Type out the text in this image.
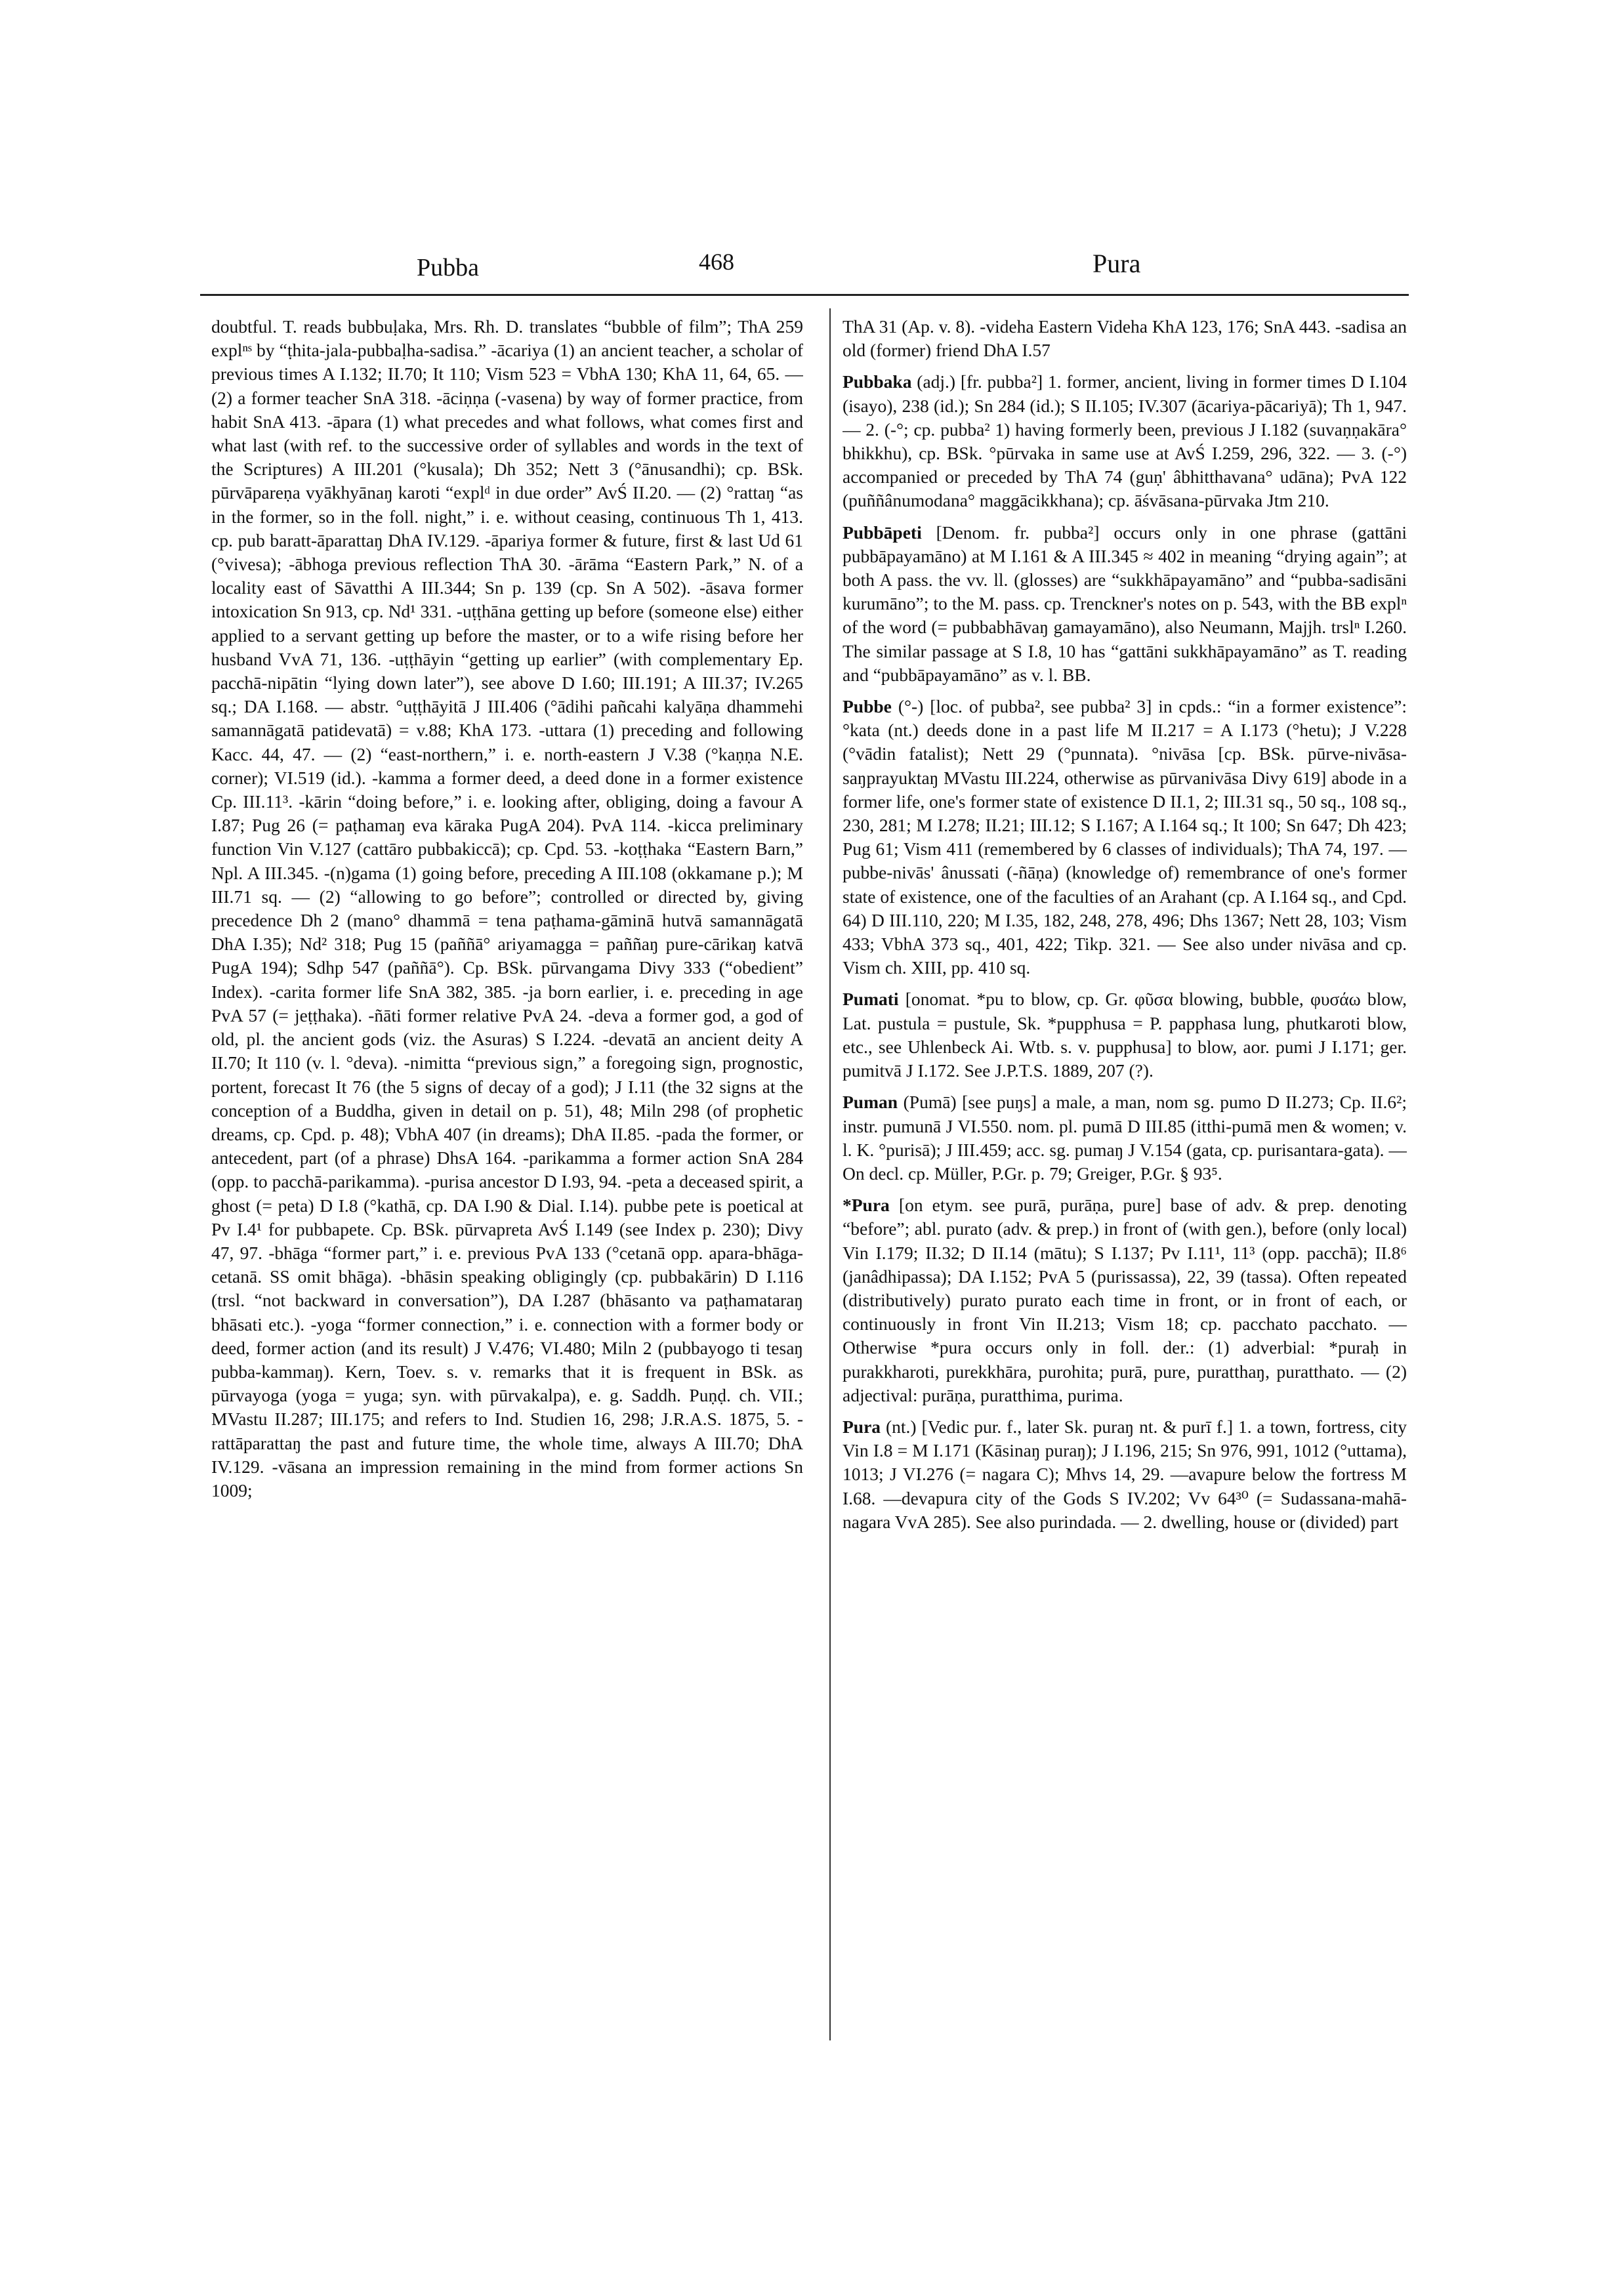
Pubba	468	Pura
doubtful. T. reads bubbuḷaka, Mrs. Rh. D. translates “bubble of film”; ThA 259 explⁿˢ by “ṭhita-jala-pubbaḷha-sadisa.” -ācariya (1) an ancient teacher, a scholar of previous times A I.132; II.70; It 110; Vism 523 = VbhA 130; KhA 11, 64, 65. — (2) a former teacher SnA 318. -āciṇṇa (-vasena) by way of former practice, from habit SnA 413. -āpara (1) what precedes and what follows, what comes first and what last (with ref. to the successive order of syllables and words in the text of the Scriptures) A III.201 (°kusala); Dh 352; Nett 3 (°ānusandhi); cp. BSk. pūrvāpareṇa vyākhyānaŋ karoti “explᵈ in due order” AvŚ II.20. — (2) °rattaŋ “as in the former, so in the foll. night,” i. e. without ceasing, continuous Th 1, 413. cp. pub baratt-āparattaŋ DhA IV.129. -āpariya former & future, first & last Ud 61 (°vivesa); -ābhoga previous reflection ThA 30. -ārāma “Eastern Park,” N. of a locality east of Sāvatthi A III.344; Sn p. 139 (cp. Sn A 502). -āsava former intoxication Sn 913, cp. Nd¹ 331. -uṭṭhāna getting up before (someone else) either applied to a servant getting up before the master, or to a wife rising before her husband VvA 71, 136. -uṭṭhāyin “getting up earlier” (with complementary Ep. pacchā-nipātin “lying down later”), see above D I.60; III.191; A III.37; IV.265 sq.; DA I.168. — abstr. °uṭṭhāyitā J III.406 (°ādihi pañcahi kalyāṇa dhammehi samannāgatā patidevatā) = v.88; KhA 173. -uttara (1) preceding and following Kacc. 44, 47. — (2) “east-northern,” i. e. north-eastern J V.38 (°kaṇṇa N.E. corner); VI.519 (id.). -kamma a former deed, a deed done in a former existence Cp. III.11³. -kārin “doing before,” i. e. looking after, obliging, doing a favour A I.87; Pug 26 (= paṭhamaŋ eva kāraka PugA 204). PvA 114. -kicca preliminary function Vin V.127 (cattāro pubbakiccā); cp. Cpd. 53. -koṭṭhaka “Eastern Barn,” Npl. A III.345. -(n)gama (1) going before, preceding A III.108 (okkamane p.); M III.71 sq. — (2) “allowing to go before”; controlled or directed by, giving precedence Dh 2 (mano° dhammā = tena paṭhama-gāminā hutvā samannāgatā DhA I.35); Nd² 318; Pug 15 (paññā° ariyamagga = paññaŋ pure-cārikaŋ katvā PugA 194); Sdhp 547 (paññā°). Cp. BSk. pūrvangama Divy 333 (“obedient” Index). -carita former life SnA 382, 385. -ja born earlier, i. e. preceding in age PvA 57 (= jeṭṭhaka). -ñāti former relative PvA 24. -deva a former god, a god of old, pl. the ancient gods (viz. the Asuras) S I.224. -devatā an ancient deity A II.70; It 110 (v. l. °deva). -nimitta “previous sign,” a foregoing sign, prognostic, portent, forecast It 76 (the 5 signs of decay of a god); J I.11 (the 32 signs at the conception of a Buddha, given in detail on p. 51), 48; Miln 298 (of prophetic dreams, cp. Cpd. p. 48); VbhA 407 (in dreams); DhA II.85. -pada the former, or antecedent, part (of a phrase) DhsA 164. -parikamma a former action SnA 284 (opp. to pacchā-parikamma). -purisa ancestor D I.93, 94. -peta a deceased spirit, a ghost (= peta) D I.8 (°kathā, cp. DA I.90 & Dial. I.14). pubbe pete is poetical at Pv I.4¹ for pubbapete. Cp. BSk. pūrvapreta AvŚ I.149 (see Index p. 230); Divy 47, 97. -bhāga “former part,” i. e. previous PvA 133 (°cetanā opp. apara-bhāga-cetanā. SS omit bhāga). -bhāsin speaking obligingly (cp. pubbakārin) D I.116 (trsl. “not backward in conversation”), DA I.287 (bhāsanto va paṭhamataraŋ bhāsati etc.). -yoga “former connection,” i. e. connection with a former body or deed, former action (and its result) J V.476; VI.480; Miln 2 (pubbayogo ti tesaŋ pubba-kammaŋ). Kern, Toev. s. v. remarks that it is frequent in BSk. as pūrvayoga (yoga = yuga; syn. with pūrvakalpa), e. g. Saddh. Puṇḍ. ch. VII.; MVastu II.287; III.175; and refers to Ind. Studien 16, 298; J.R.A.S. 1875, 5. -rattāparattaŋ the past and future time, the whole time, always A III.70; DhA IV.129. -vāsana an impression remaining in the mind from former actions Sn 1009;
ThA 31 (Ap. v. 8). -videha Eastern Videha KhA 123, 176; SnA 443. -sadisa an old (former) friend DhA I.57
Pubbaka (adj.) [fr. pubba²] 1. former, ancient, living in former times D I.104 (isayo), 238 (id.); Sn 284 (id.); S II.105; IV.307 (ācariya-pācariyā); Th 1, 947. — 2. (-°; cp. pubba² 1) having formerly been, previous J I.182 (suvaṇṇakāra° bhikkhu), cp. BSk. °pūrvaka in same use at AvŚ I.259, 296, 322. — 3. (-°) accompanied or preceded by ThA 74 (guṇ' âbhitthavana° udāna); PvA 122 (puññânumodana° maggācikkhana); cp. āśvāsana-pūrvaka Jtm 210.
Pubbāpeti [Denom. fr. pubba²] occurs only in one phrase (gattāni pubbāpayamāno) at M I.161 & A III.345 ≈ 402 in meaning “drying again”; at both A pass. the vv. ll. (glosses) are “sukkhāpayamāno” and “pubba-sadisāni kurumāno”; to the M. pass. cp. Trenckner's notes on p. 543, with the BB explⁿ of the word (= pubbabhāvaŋ gamayamāno), also Neumann, Majjh. trslⁿ I.260. The similar passage at S I.8, 10 has “gattāni sukkhāpayamāno” as T. reading and “pubbāpayamāno” as v. l. BB.
Pubbe (°-) [loc. of pubba², see pubba² 3] in cpds.: “in a former existence”: °kata (nt.) deeds done in a past life M II.217 = A I.173 (°hetu); J V.228 (°vādin fatalist); Nett 29 (°punnata). °nivāsa [cp. BSk. pūrve-nivāsa-saŋprayuktaŋ MVastu III.224, otherwise as pūrvanivāsa Divy 619] abode in a former life, one's former state of existence D II.1, 2; III.31 sq., 50 sq., 108 sq., 230, 281; M I.278; II.21; III.12; S I.167; A I.164 sq.; It 100; Sn 647; Dh 423; Pug 61; Vism 411 (remembered by 6 classes of individuals); ThA 74, 197. — pubbe-nivās' ânussati (-ñāṇa) (knowledge of) remembrance of one's former state of existence, one of the faculties of an Arahant (cp. A I.164 sq., and Cpd. 64) D III.110, 220; M I.35, 182, 248, 278, 496; Dhs 1367; Nett 28, 103; Vism 433; VbhA 373 sq., 401, 422; Tikp. 321. — See also under nivāsa and cp. Vism ch. XIII, pp. 410 sq.
Pumati [onomat. *pu to blow, cp. Gr. φῦσα blowing, bubble, φυσάω blow, Lat. pustula = pustule, Sk. *pupphusa = P. papphasa lung, phutkaroti blow, etc., see Uhlenbeck Ai. Wtb. s. v. pupphusa] to blow, aor. pumi J I.171; ger. pumitvā J I.172. See J.P.T.S. 1889, 207 (?).
Puman (Pumā) [see puŋs] a male, a man, nom sg. pumo D II.273; Cp. II.6²; instr. pumunā J VI.550. nom. pl. pumā D III.85 (itthi-pumā men & women; v. l. K. °purisā); J III.459; acc. sg. pumaŋ J V.154 (gata, cp. purisantara-gata). — On decl. cp. Müller, P.Gr. p. 79; Greiger, P.Gr. § 93⁵.
*Pura [on etym. see purā, purāṇa, pure] base of adv. & prep. denoting “before”; abl. purato (adv. & prep.) in front of (with gen.), before (only local) Vin I.179; II.32; D II.14 (mātu); S I.137; Pv I.11¹, 11³ (opp. pacchā); II.8⁶ (janâdhipassa); DA I.152; PvA 5 (purissassa), 22, 39 (tassa). Often repeated (distributively) purato purato each time in front, or in front of each, or continuously in front Vin II.213; Vism 18; cp. pacchato pacchato. — Otherwise *pura occurs only in foll. der.: (1) adverbial: *puraḥ in purakkharoti, purekkhāra, purohita; purā, pure, puratthaŋ, puratthato. — (2) adjectival: purāṇa, puratthima, purima.
Pura (nt.) [Vedic pur. f., later Sk. puraŋ nt. & purī f.] 1. a town, fortress, city Vin I.8 = M I.171 (Kāsinaŋ puraŋ); J I.196, 215; Sn 976, 991, 1012 (°uttama), 1013; J VI.276 (= nagara C); Mhvs 14, 29. —avapure below the fortress M I.68. —devapura city of the Gods S IV.202; Vv 64³⁰ (= Sudassana-mahā-nagara VvA 285). See also purindada. — 2. dwelling, house or (divided) part
